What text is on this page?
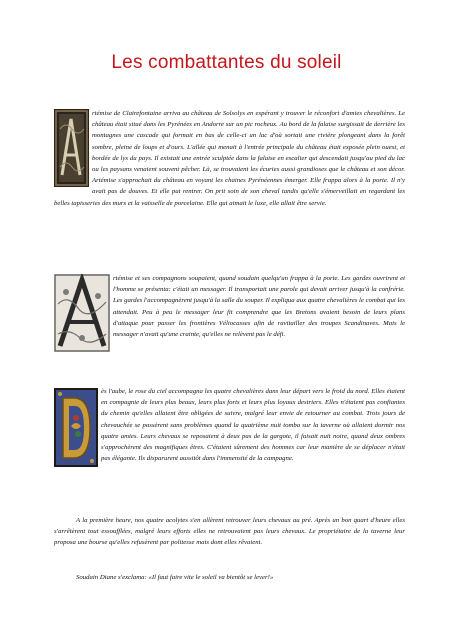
Les combattantes du soleil
rtémise de Clairefontaine arriva au château de Solsolys en espérant y trouver le réconfort d'amies chevalières. Le château était situé dans les Pyrénées en Andorre sur un pic rocheux. Au bord de la falaise surgissait de derrière les montagnes une cascade qui formait en bas de celle-ci un lac d'où sortait une rivière plongeant dans la forêt sombre, pleine de loups et d'ours. L'allée qui menait à l'entrée principale du château était exposée plein ouest, et bordée de lys du pays. Il existait une entrée sculptée dans la falaise en escalier qui descendait jusqu'au pied du lac ou les paysans venaient souvent pêcher. Là, se trouvaient les écuries aussi grandioses que le château et son décor. Artémise s'approchait du château en voyant les chaines Pyrénéennes émerger. Elle frappa alors à la porte. Il n'y avait pas de douves. Et elle put rentrer. On prit soin de son cheval tandis qu'elle s'émerveillait en regardant les belles tapisseries des murs et la vaisselle de porcelaine. Elle qui aimait le luxe, elle allait être servie.
rtémise et ses compagnons soupaient, quand soudain quelqu'un frappa à la porte. Les gardes ouvrirent et l'homme se présenta: c'était un messager. Il transportait une parole qui devait arriver jusqu'à la confrérie. Les gardes l'accompagnèrent jusqu'à la salle du souper. Il expliqua aux quatre chevalières le combat qui les attendait. Peu à peu le messager leur fit comprendre que les Bretons avaient besoin de leurs plans d'attaque pour passer les frontières Véliocasses afin de ravitailler des troupes Scandinaves. Mais le messager n'avait qu'une crainte, qu'elles ne relèvent pas le défi.
ès l'aube, le rose du ciel accompagna les quatre chevalières dans leur départ vers le froid du nord. Elles étaient en compagnie de leurs plus beaux, leurs plus forts et leurs plus loyaux destriers. Elles n'étaient pas confiantes du chemin qu'elles allaient être obligées de suivre, malgré leur envie de retourner au combat. Trois jours de chevauchée se passèrent sans problèmes quand la quatrième nuit tomba sur la taverne où allaient dormir nos quatre amies. Leurs chevaux se reposaient à deux pas de la gargote, il faisait nuit noire, quand deux ombres s'approchèrent des magnifiques êtres. C'étaient sûrement des hommes car leur manière de se déplacer n'était pas élégante. Ils disparurent aussitôt dans l'immensité de la campagne.
A la première heure, nos quatre acolytes s'en allèrent retrouver leurs chevaux au pré. Après un bon quart d'heure elles s'arrêtèrent tout essoufflées, malgré leurs efforts elles ne retrouvaient pas leurs chevaux. Le propriétaire de la taverne leur proposa une bourse qu'elles refusèrent par politesse mais dont elles rêvaient.
Soudain Diane s'exclama: «Il faut faire vite le soleil va bientôt se lever!»
